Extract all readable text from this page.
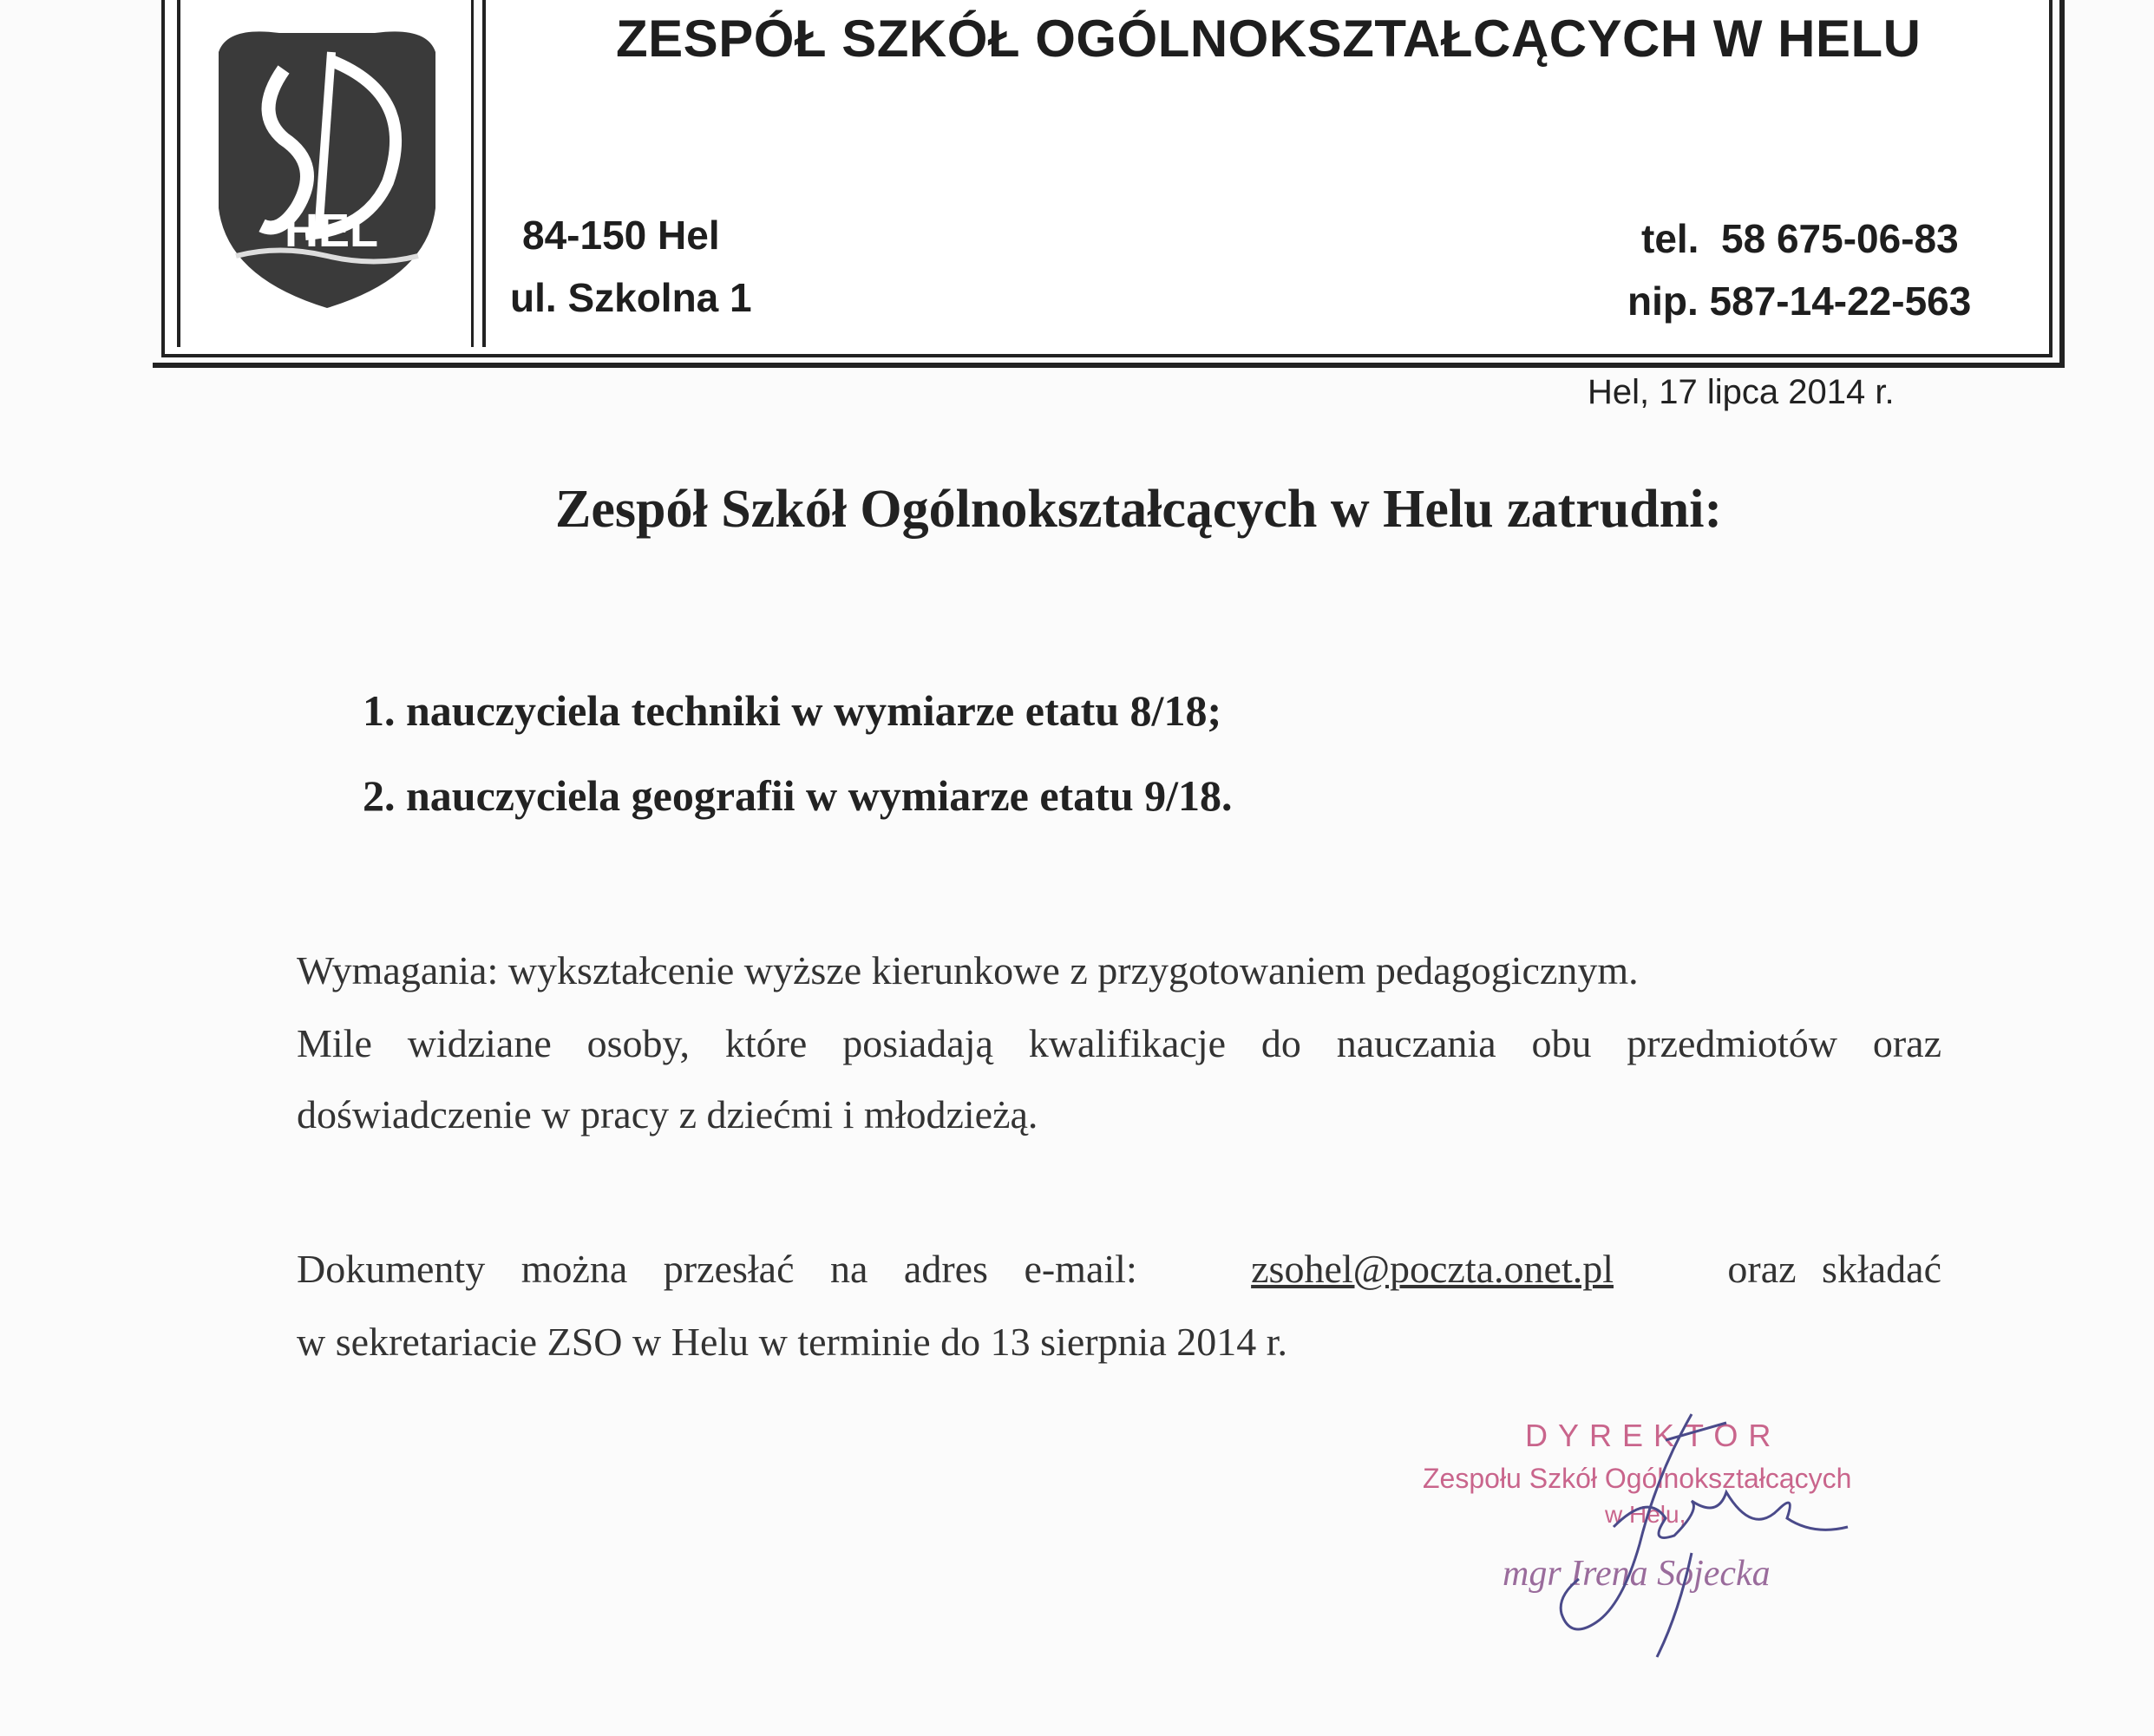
HEL
ZESPÓŁ SZKÓŁ OGÓLNOKSZTAŁCĄCYCH W HELU
84-150 Hel
ul. Szkolna 1
tel.  58 675-06-83
nip. 587-14-22-563
Hel, 17 lipca 2014 r.
Zespół Szkół Ogólnokształcących w Helu zatrudni:
1. nauczyciela techniki w wymiarze etatu 8/18;
2. nauczyciela geografii w wymiarze etatu 9/18.
Wymagania: wykształcenie wyższe kierunkowe z przygotowaniem pedagogicznym.
Mile widziane osoby, które posiadają kwalifikacje do nauczania obu przedmiotów oraz
doświadczenie w pracy z dziećmi i młodzieżą.
Dokumenty można przesłać na adres e-mail:	zsohel@poczta.onet.pl	oraz składać
w sekretariacie ZSO w Helu w terminie do 13 sierpnia 2014 r.
DYREKTOR
Zespołu Szkół Ogólnokształcących
w Helu,
mgr Irena Sojecka
